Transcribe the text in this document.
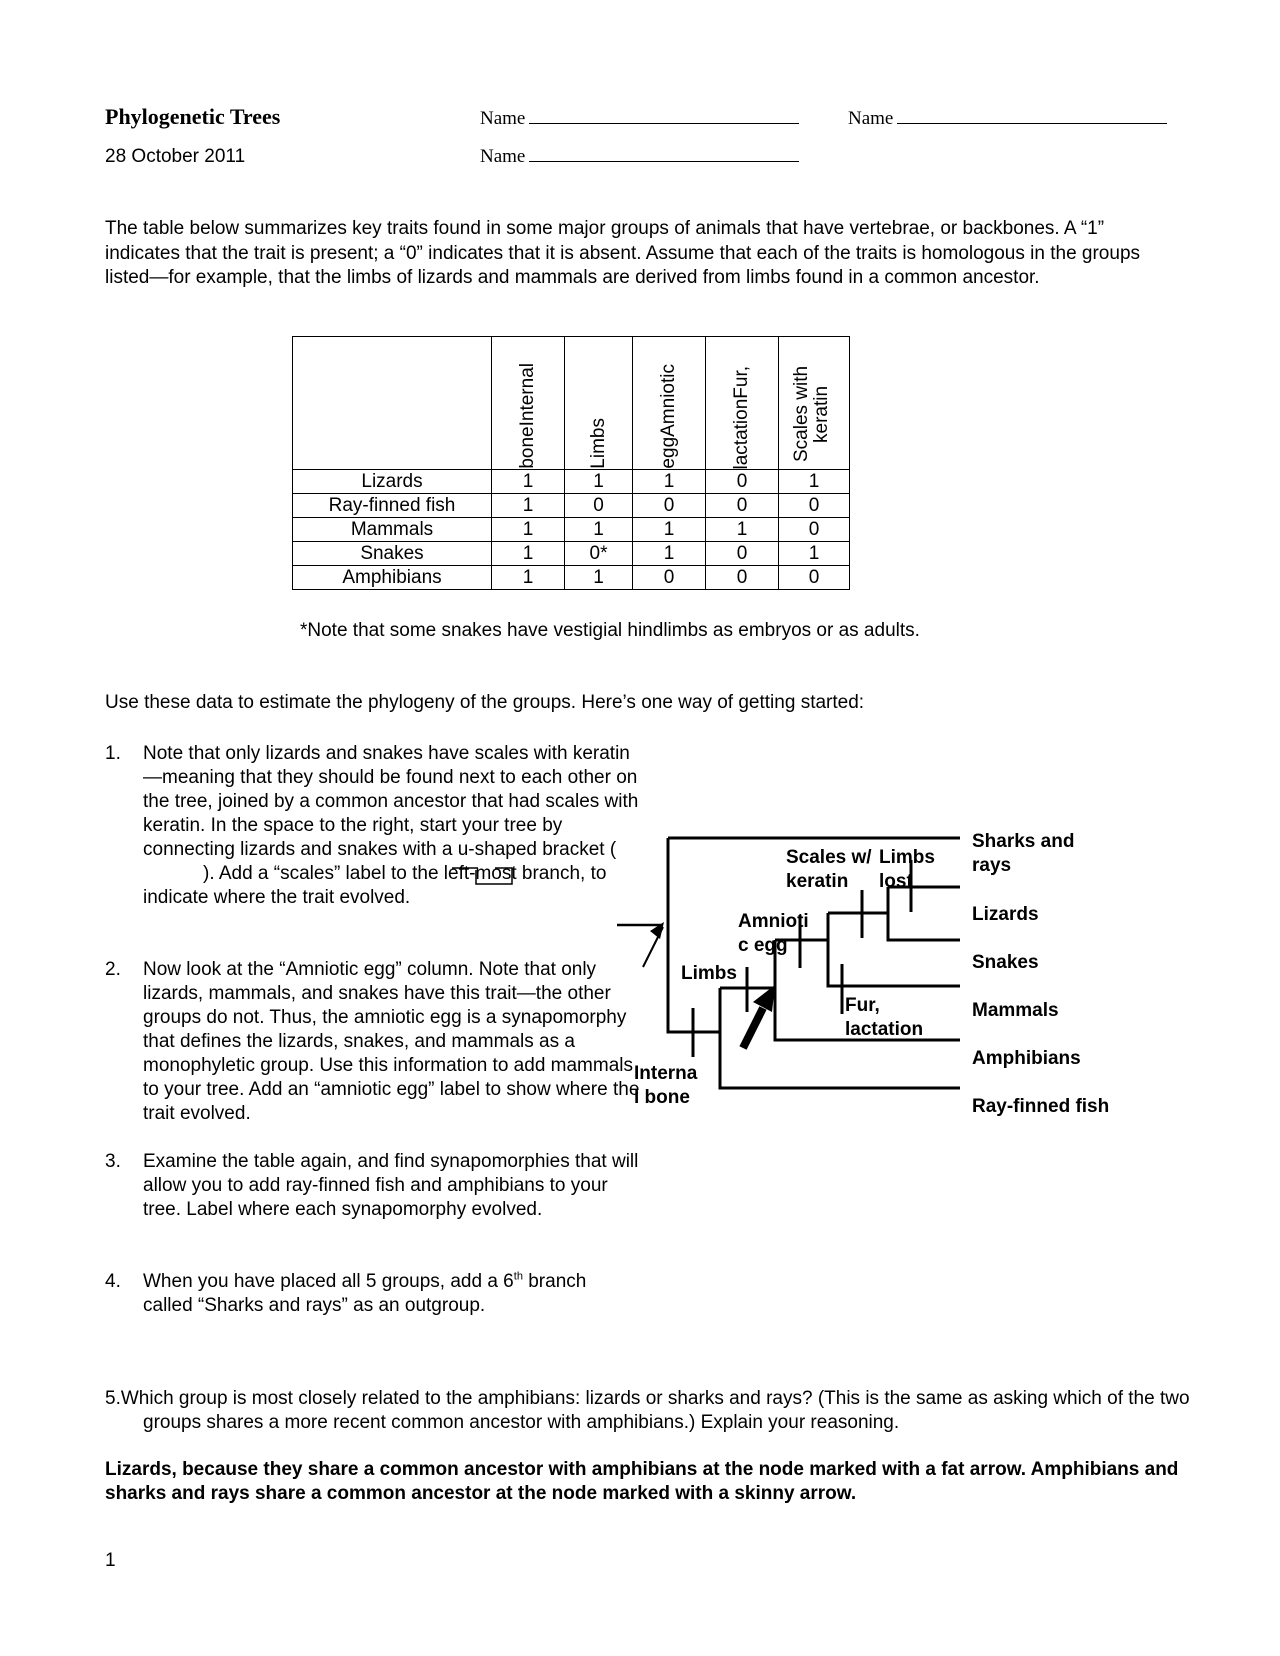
Phylogenetic Trees
28 October 2011
Name	Name
Name
The table below summarizes key traits found in some major groups of animals that have vertebrae, or backbones. A “1” indicates that the trait is present; a “0” indicates that it is absent. Assume that each of the traits is homologous in the groups listed—for example, that the limbs of lizards and mammals are derived from limbs found in a common ancestor.

	boneInternal	Limbs	eggAmniotic	lactationFur,	Scales with keratin

Lizards	1	1	1	0	1
Ray-finned fish	1	0	0	0	0
Mammals	1	1	1	1	0
Snakes	1	0*	1	0	1
Amphibians	1	1	0	0	0
*Note that some snakes have vestigial hindlimbs as embryos or as adults.
Use these data to estimate the phylogeny of the groups. Here’s one way of getting started:
1. Note that only lizards and snakes have scales with keratin—meaning that they should be found next to each other on the tree, joined by a common ancestor that had scales with keratin. In the space to the right, start your tree by connecting lizards and snakes with a u-shaped bracket (). Add a “scales” label to the left-most branch, to indicate where the trait evolved.
2. Now look at the “Amniotic egg” column. Note that only lizards, mammals, and snakes have this trait—the other groups do not. Thus, the amniotic egg is a synapomorphy that defines the lizards, snakes, and mammals as a monophyletic group. Use this information to add mammals to your tree. Add an “amniotic egg” label to show where the trait evolved.
3. Examine the table again, and find synapomorphies that will allow you to add ray-finned fish and amphibians to your tree. Label where each synapomorphy evolved.
4. When you have placed all 5 groups, add a 6th branch called “Sharks and rays” as an outgroup.
Sharks and rays
Lizards
Snakes
Mammals
Amphibians
Ray-finned fish
Scales w/keratin
Limbs lost
Amniotic egg
Limbs
Fur, lactation
Internal bone
5.Which group is most closely related to the amphibians: lizards or sharks and rays? (This is the same as asking which of the two groups shares a more recent common ancestor with amphibians.) Explain your reasoning.
Lizards, because they share a common ancestor with amphibians at the node marked with a fat arrow. Amphibians and sharks and rays share a common ancestor at the node marked with a skinny arrow.
1
